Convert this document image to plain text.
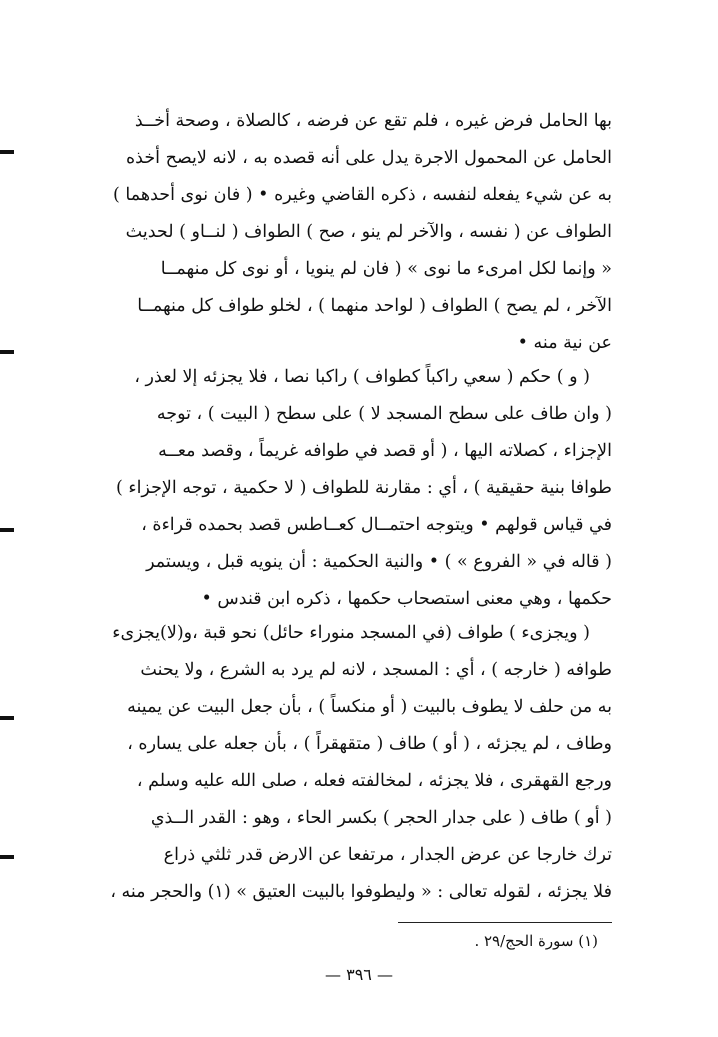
بها الحامل فرض غيره ، فلم تقع عن فرضه ، كالصلاة ، وصحة أخــذ
الحامل عن المحمول الاجرة يدل على أنه قصده به ، لانه لايصح أخذه
به عن شيء يفعله لنفسه ، ذكره القاضي وغيره • ( فان نوى أحدهما )
الطواف عن ( نفسه ، والآخر لم ينو ، صح ) الطواف ( لنــاو ) لحديث
« وإنما لكل امرىء ما نوى » ( فان لم ينويا ، أو نوى كل منهمــا
الآخر ، لم يصح ) الطواف ( لواحد منهما ) ، لخلو طواف كل منهمــا
عن نية منه •
( و ) حكم ( سعي راكباً كطواف ) راكبا نصا ، فلا يجزئه إلا لعذر ،
( وان طاف على سطح المسجد لا ) على سطح ( البيت ) ، توجه
الإجزاء ، كصلاته اليها ، ( أو قصد في طوافه غريماً ، وقصد معــه
طوافا بنية حقيقية ) ، أي : مقارنة للطواف ( لا حكمية ، توجه الإجزاء )
في قياس قولهم • ويتوجه احتمــال كعــاطس قصد بحمده قراءة ،
( قاله في « الفروع » ) • والنية الحكمية : أن ينويه قبل ، ويستمر
حكمها ، وهي معنى استصحاب حكمها ، ذكره ابن قندس •
( ويجزىء ) طواف (في المسجد منوراء حائل) نحو قبة ،و(لا)يجزىء
طوافه ( خارجه ) ، أي : المسجد ، لانه لم يرد به الشرع ، ولا يحنث
به من حلف لا يطوف بالبيت ( أو منكساً ) ، بأن جعل البيت عن يمينه
وطاف ، لم يجزئه ، ( أو ) طاف ( متقهقراً ) ، بأن جعله على يساره ،
ورجع القهقرى ، فلا يجزئه ، لمخالفته فعله ، صلى الله عليه وسلم ،
( أو ) طاف ( على جدار الحجر ) بكسر الحاء ، وهو : القدر الــذي
ترك خارجا عن عرض الجدار ، مرتفعا عن الارض قدر ثلثي ذراع
فلا يجزئه ، لقوله تعالى : « وليطوفوا بالبيت العتيق » (١) والحجر منه ،
(١) سورة الحج/٢٩ .
— ٣٩٦ —
